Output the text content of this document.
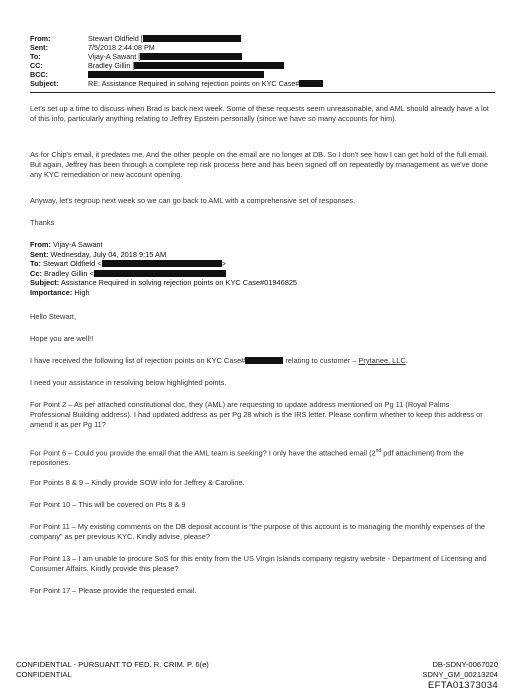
From:	Stewart Oldfield [
Sent:	7/5/2018 2:44:08 PM
To:	Vijay-A Sawant [
CC:	Bradley Gillin [
BCC:
Subject:	RE: Assistance Required in solving rejection points on KYC Case#

Let's set up a time to discuss when Brad is back next week. Some of these requests seem unreasonable, and AML should already have a lot of this info, particularly anything relating to Jeffrey Epstein personally (since we have so many accounts for him).

As for Chip's email, it predates me. And the other people on the email are no longer at DB. So I don't see how I can get hold of the full email. But again, Jeffrey has been through a complete rep risk process here and has been signed off on repeatedly by management as we've done any KYC remediation or new account opening.

Anyway, let's regroup next week so we can go back to AML with a comprehensive set of responses.

Thanks

From: Vijay-A Sawant
Sent: Wednesday, July 04, 2018 9:15 AM
To: Stewart Oldfield <	>
Cc: Bradley Gillin <
Subject: Assistance Required in solving rejection points on KYC Case#01946825
Importance: High

Hello Stewart,

Hope you are well!!

I have received the following list of rejection points on KYC Case#	relating to customer – Prytanee, LLC.

I need your assistance in resolving below highlighted points.

For Point 2 – As per attached constitutional doc, they (AML) are requesting to update address mentioned on Pg 11 (Royal Palms Professional Building address). I had updated address as per Pg 28 which is the IRS letter. Please confirm whether to keep this address or amend it as per Pg 11?

For Point 6 – Could you provide the email that the AML team is seeking? I only have the attached email (2nd pdf attachment) from the repositories.

For Points 8 & 9 – Kindly provide SOW info for Jeffrey & Caroline.

For Point 10 – This will be covered on Pts 8 & 9

For Point 11 – My existing comments on the DB deposit account is “the purpose of this account is to managing the monthly expenses of the company” as per previous KYC. Kindly advise, please?

For Point 13 – I am unable to procure SoS for this entity from the US Virgin Islands company registry website - Department of Licensing and Consumer Affairs. Kindly provide this please?

For Point 17 – Please provide the requested email.

CONFIDENTIAL - PURSUANT TO FED. R. CRIM. P. 6(e)
CONFIDENTIAL
DB-SDNY-0067020
SDNY_GM_00213204
EFTA01373034
